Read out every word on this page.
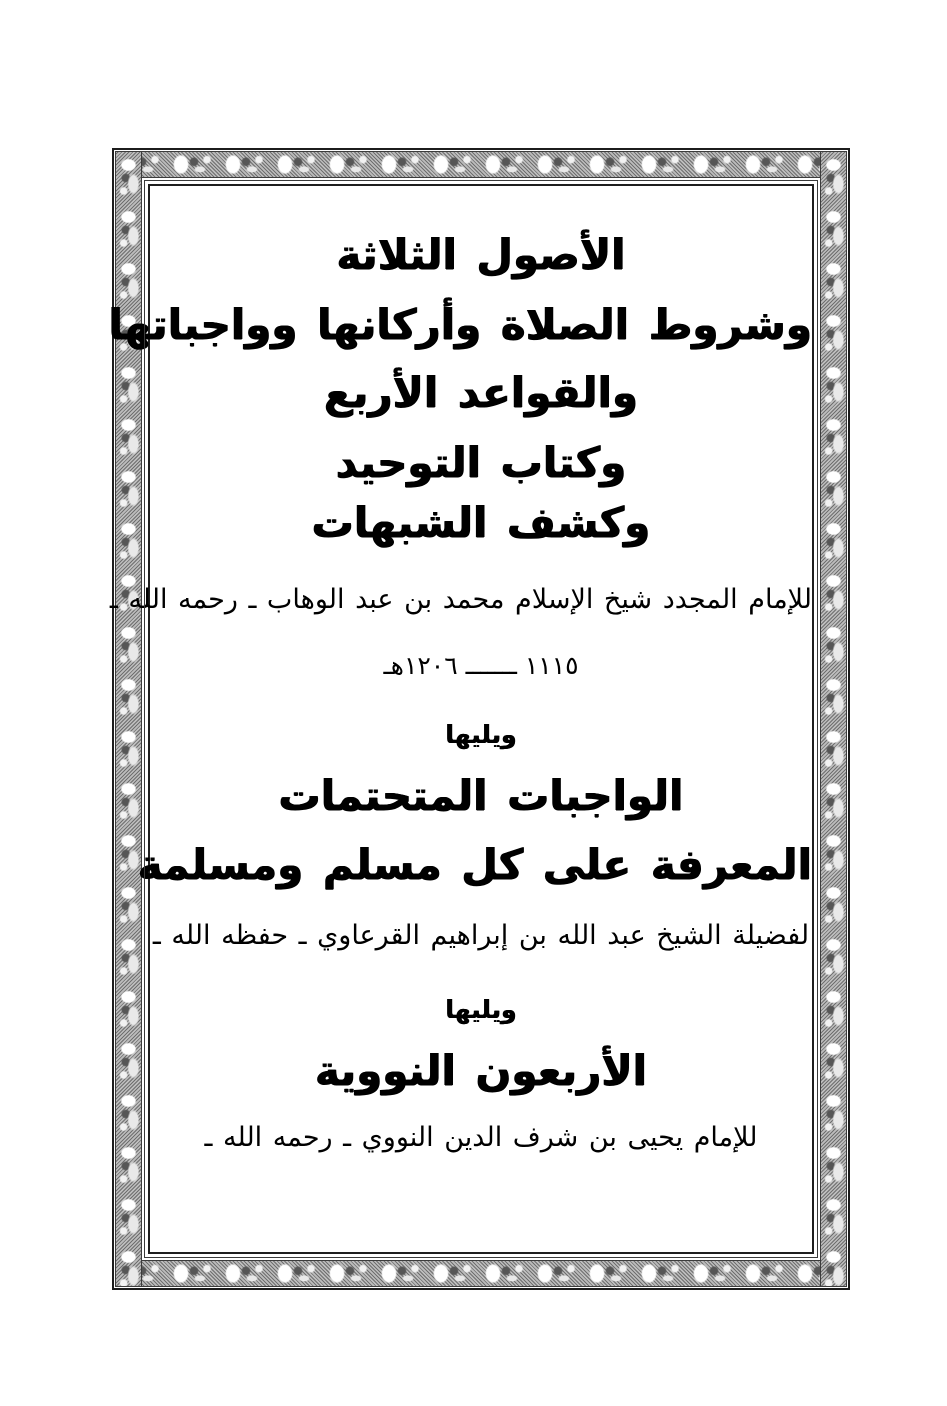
الأصول الثلاثة
وشروط الصلاة وأركانها وواجباتها
والقواعد الأربع
وكتاب التوحيد
وكشف الشبهات
للإمام المجدد شيخ الإسلام محمد بن عبد الوهاب ـ رحمه الله ـ
١١١٥ ـــــــ ١٢٠٦هـ
ويليها
الواجبات المتحتمات
المعرفة على كل مسلم ومسلمة
لفضيلة الشيخ عبد الله بن إبراهيم القرعاوي ـ حفظه الله ـ
ويليها
الأربعون النووية
للإمام يحيى بن شرف الدين النووي ـ رحمه الله ـ
